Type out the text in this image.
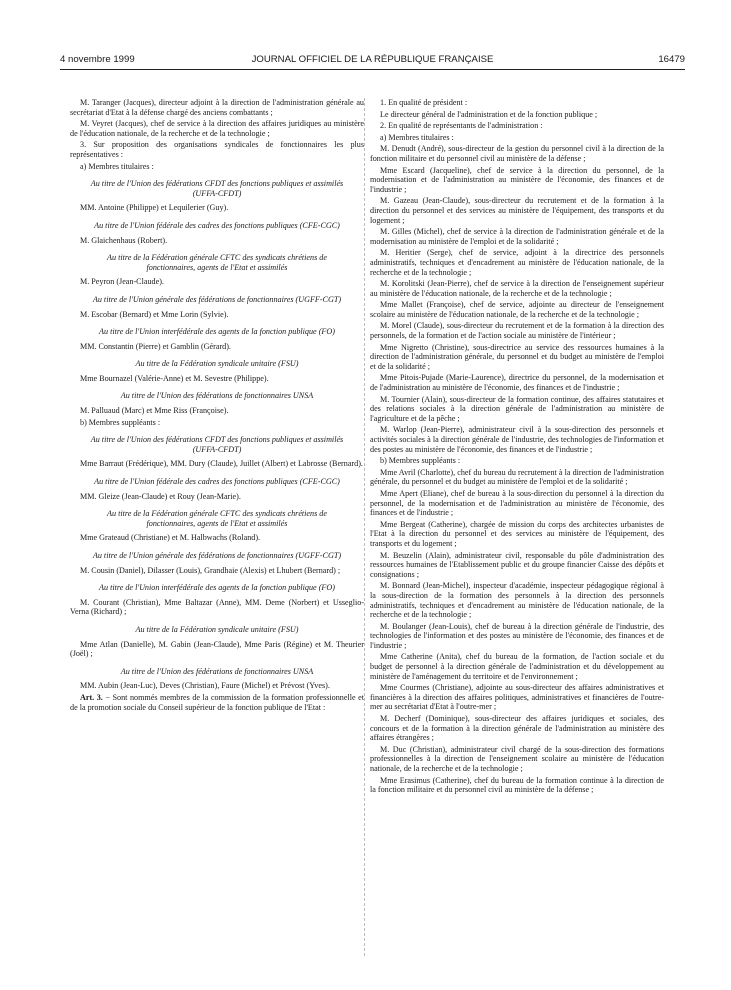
4 novembre 1999	JOURNAL OFFICIEL DE LA RÉPUBLIQUE FRANÇAISE	16479

M. Taranger (Jacques), directeur adjoint à la direction de l'administration générale au secrétariat d'Etat à la défense chargé des anciens combattants ;

M. Veyret (Jacques), chef de service à la direction des affaires juridiques au ministère de l'éducation nationale, de la recherche et de la technologie ;

3. Sur proposition des organisations syndicales de fonctionnaires les plus représentatives :

a) Membres titulaires :

Au titre de l'Union des fédérations CFDT des fonctions publiques et assimilés (UFFA-CFDT)

MM. Antoine (Philippe) et Lequilerier (Guy).

Au titre de l'Union fédérale des cadres des fonctions publiques (CFE-CGC)

M. Glaichenhaus (Robert).

Au titre de la Fédération générale CFTC des syndicats chrétiens de fonctionnaires, agents de l'Etat et assimilés

M. Peyron (Jean-Claude).

Au titre de l'Union générale des fédérations de fonctionnaires (UGFF-CGT)

M. Escobar (Bernard) et Mme Lorin (Sylvie).

Au titre de l'Union interfédérale des agents de la fonction publique (FO)

MM. Constantin (Pierre) et Gamblin (Gérard).

Au titre de la Fédération syndicale unitaire (FSU)

Mme Bournazel (Valérie-Anne) et M. Sevestre (Philippe).

Au titre de l'Union des fédérations de fonctionnaires UNSA

M. Palluaud (Marc) et Mme Riss (Françoise).

b) Membres suppléants :

Au titre de l'Union des fédérations CFDT des fonctions publiques et assimilés (UFFA-CFDT)

Mme Barraut (Frédérique), MM. Dury (Claude), Juillet (Albert) et Labrosse (Bernard).

Au titre de l'Union fédérale des cadres des fonctions publiques (CFE-CGC)

MM. Gleize (Jean-Claude) et Rouy (Jean-Marie).

Au titre de la Fédération générale CFTC des syndicats chrétiens de fonctionnaires, agents de l'Etat et assimilés

Mme Grateaud (Christiane) et M. Halbwachs (Roland).

Au titre de l'Union générale des fédérations de fonctionnaires (UGFF-CGT)

M. Cousin (Daniel), Dilasser (Louis), Grandhaie (Alexis) et Lhubert (Bernard) ;

Au titre de l'Union interfédérale des agents de la fonction publique (FO)

M. Courant (Christian), Mme Baltazar (Anne), MM. Deme (Norbert) et Usseglio-Verna (Richard) ;

Au titre de la Fédération syndicale unitaire (FSU)

Mme Atlan (Danielle), M. Gabin (Jean-Claude), Mme Paris (Régine) et M. Theurier (Joël) ;

Au titre de l'Union des fédérations de fonctionnaires UNSA

MM. Aubin (Jean-Luc), Deves (Christian), Faure (Michel) et Prévost (Yves).

Art. 3. − Sont nommés membres de la commission de la formation professionnelle et de la promotion sociale du Conseil supérieur de la fonction publique de l'Etat :

1. En qualité de président :

Le directeur général de l'administration et de la fonction publique ;

2. En qualité de représentants de l'administration :

a) Membres titulaires :

M. Denudt (André), sous-directeur de la gestion du personnel civil à la direction de la fonction militaire et du personnel civil au ministère de la défense ;

Mme Escard (Jacqueline), chef de service à la direction du personnel, de la modernisation et de l'administration au ministère de l'économie, des finances et de l'industrie ;

M. Gazeau (Jean-Claude), sous-directeur du recrutement et de la formation à la direction du personnel et des services au ministère de l'équipement, des transports et du logement ;

M. Gilles (Michel), chef de service à la direction de l'administration générale et de la modernisation au ministère de l'emploi et de la solidarité ;

M. Heritier (Serge), chef de service, adjoint à la directrice des personnels administratifs, techniques et d'encadrement au ministère de l'éducation nationale, de la recherche et de la technologie ;

M. Korolitski (Jean-Pierre), chef de service à la direction de l'enseignement supérieur au ministère de l'éducation nationale, de la recherche et de la technologie ;

Mme Mallet (Françoise), chef de service, adjointe au directeur de l'enseignement scolaire au ministère de l'éducation nationale, de la recherche et de la technologie ;

M. Morel (Claude), sous-directeur du recrutement et de la formation à la direction des personnels, de la formation et de l'action sociale au ministère de l'intérieur ;

Mme Nigretto (Christine), sous-directrice au service des ressources humaines à la direction de l'administration générale, du personnel et du budget au ministère de l'emploi et de la solidarité ;

Mme Pitois-Pujade (Marie-Laurence), directrice du personnel, de la modernisation et de l'administration au ministère de l'économie, des finances et de l'industrie ;

M. Tournier (Alain), sous-directeur de la formation continue, des affaires statutaires et des relations sociales à la direction générale de l'administration au ministère de l'agriculture et de la pêche ;

M. Warlop (Jean-Pierre), administrateur civil à la sous-direction des personnels et activités sociales à la direction générale de l'industrie, des technologies de l'information et des postes au ministère de l'économie, des finances et de l'industrie ;

b) Membres suppléants :

Mme Avril (Charlotte), chef du bureau du recrutement à la direction de l'administration générale, du personnel et du budget au ministère de l'emploi et de la solidarité ;

Mme Apert (Eliane), chef de bureau à la sous-direction du personnel à la direction du personnel, de la modernisation et de l'administration au ministère de l'économie, des finances et de l'industrie ;

Mme Bergeat (Catherine), chargée de mission du corps des architectes urbanistes de l'Etat à la direction du personnel et des services au ministère de l'équipement, des transports et du logement ;

M. Beuzelin (Alain), administrateur civil, responsable du pôle d'administration des ressources humaines de l'Etablissement public et du groupe financier Caisse des dépôts et consignations ;

M. Bonnard (Jean-Michel), inspecteur d'académie, inspecteur pédagogique régional à la sous-direction de la formation des personnels à la direction des personnels administratifs, techniques et d'encadrement au ministère de l'éducation nationale, de la recherche et de la technologie ;

M. Boulanger (Jean-Louis), chef de bureau à la direction générale de l'industrie, des technologies de l'information et des postes au ministère de l'économie, des finances et de l'industrie ;

Mme Catherine (Anita), chef du bureau de la formation, de l'action sociale et du budget de personnel à la direction générale de l'administration et du développement au ministère de l'aménagement du territoire et de l'environnement ;

Mme Courmes (Christiane), adjointe au sous-directeur des affaires administratives et financières à la direction des affaires politiques, administratives et financières de l'outre-mer au secrétariat d'Etat à l'outre-mer ;

M. Decherf (Dominique), sous-directeur des affaires juridiques et sociales, des concours et de la formation à la direction générale de l'administration au ministère des affaires étrangères ;

M. Duc (Christian), administrateur civil chargé de la sous-direction des formations professionnelles à la direction de l'enseignement scolaire au ministère de l'éducation nationale, de la recherche et de la technologie ;

Mme Erasimus (Catherine), chef du bureau de la formation continue à la direction de la fonction militaire et du personnel civil au ministère de la défense ;
